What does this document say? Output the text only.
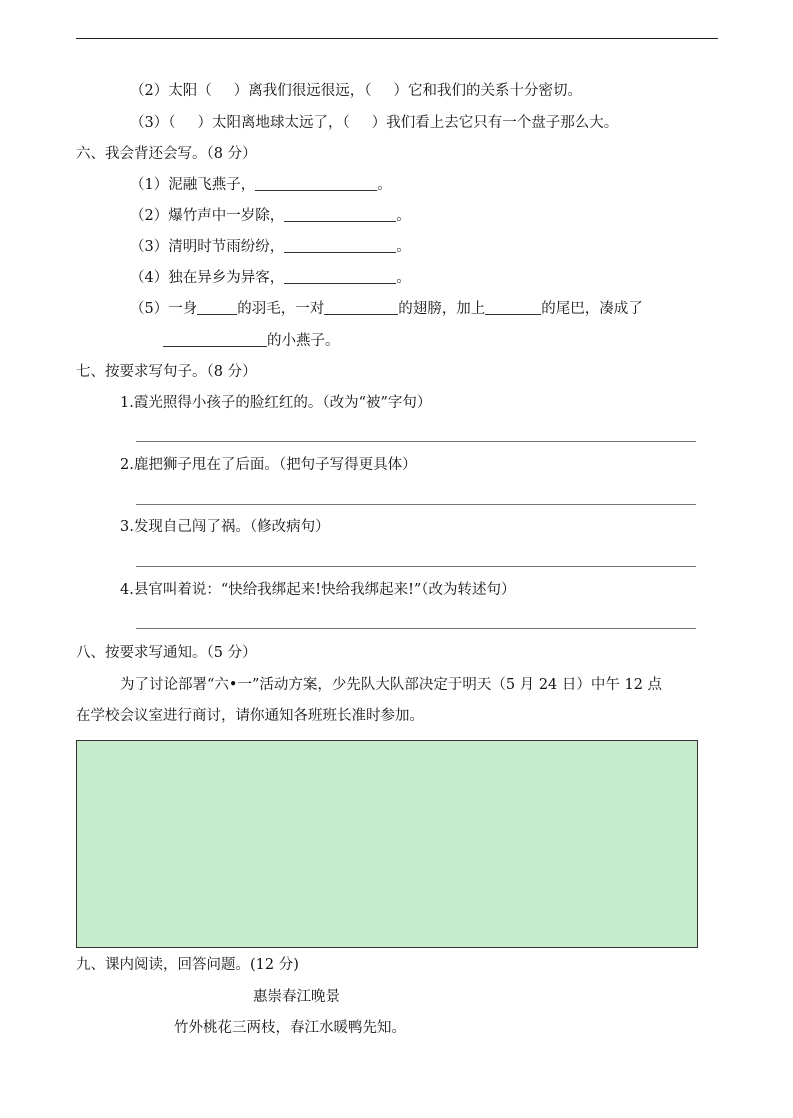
（2）太阳（ ）离我们很远很远，（ ）它和我们的关系十分密切。
（3）（ ）太阳离地球太远了，（ ）我们看上去它只有一个盘子那么大。
六、我会背还会写。（8 分）
（1）泥融飞燕子，	。
（2）爆竹声中一岁除，	。
（3）清明时节雨纷纷，	。
（4）独在异乡为异客，	。
（5）一身	的羽毛，一对	的翅膀，加上	的尾巴，凑成了
的小燕子。
七、按要求写句子。（8 分）
1.霞光照得小孩子的脸红红的。（改为“被”字句）
2.鹿把狮子甩在了后面。（把句子写得更具体）
3.发现自己闯了祸。（修改病句）
4.县官叫着说：“快给我绑起来!快给我绑起来!”（改为转述句）
八、按要求写通知。（5 分）
为了讨论部署“六•一”活动方案，少先队大队部决定于明天（5 月 24 日）中午 12 点
在学校会议室进行商讨，请你通知各班班长准时参加。
九、课内阅读，回答问题。(12 分)
惠崇春江晚景
竹外桃花三两枝，春江水暖鸭先知。
